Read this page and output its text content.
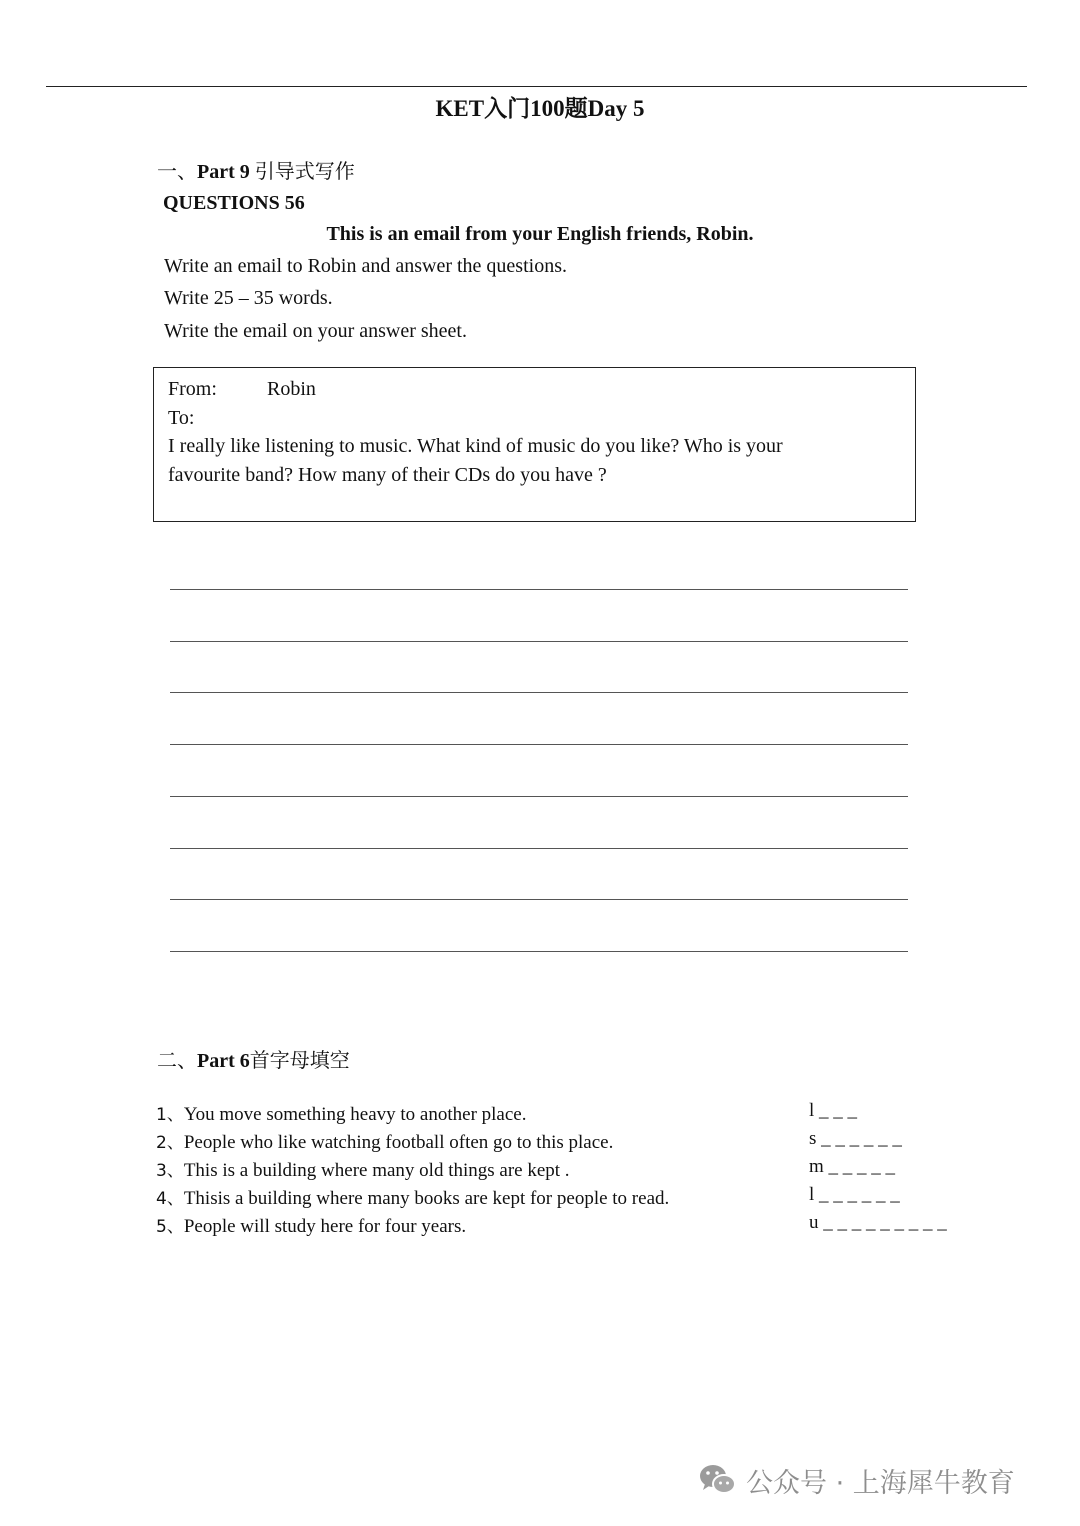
KET入门100题Day 5
一、Part 9 引导式写作
QUESTIONS 56
This is an email from your English friends, Robin.
Write an email to Robin and answer the questions.
Write 25 – 35 words.
Write the email on your answer sheet.
From:	Robin
To:
I really like listening to music. What kind of music do you like? Who is your
favourite band? How many of their CDs do you have ?
二、Part 6首字母填空
1、You move something heavy to another place.	l _ _ _
2、People who like watching football often go to this place.	s _ _ _ _ _ _
3、This is a building where many old things are kept .	m _ _ _ _ _
4、Thisis a building where many books are kept for people to read.	l _ _ _ _ _ _
5、People will study here for four years.	u _ _ _ _ _ _ _ _ _
公众号 · 上海犀牛教育
